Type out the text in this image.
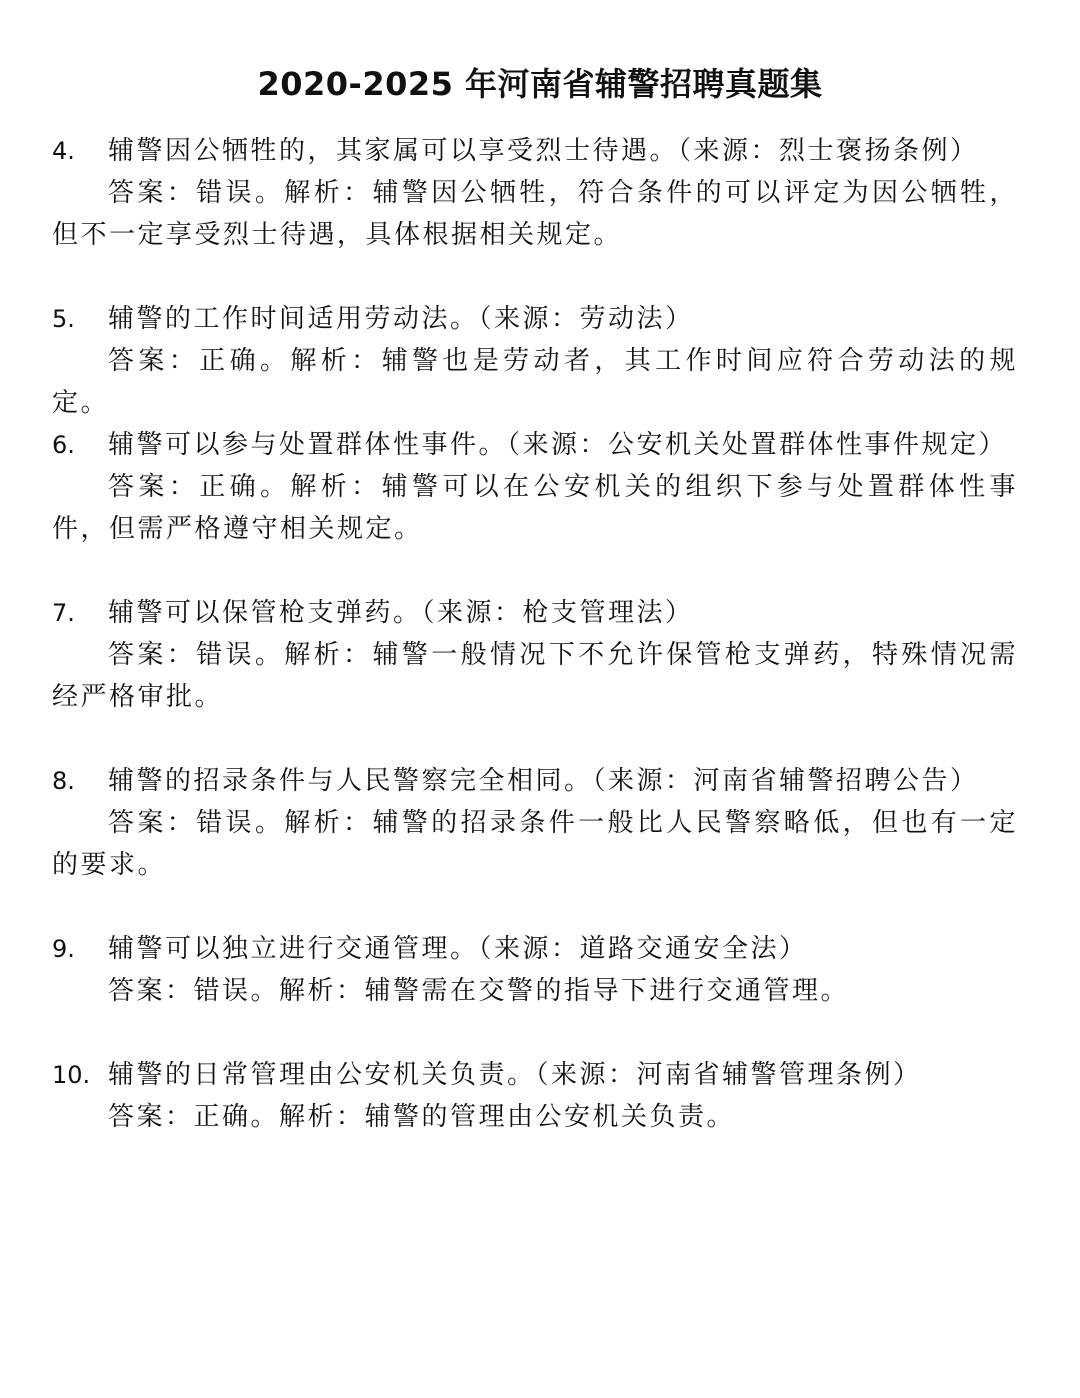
2020-2025 年河南省辅警招聘真题集
4.	辅警因公牺牲的，其家属可以享受烈士待遇。（来源：烈士褒扬条例）

答案：错误。解析：辅警因公牺牲，符合条件的可以评定为因公牺牲，但不一定享受烈士待遇，具体根据相关规定。

5.	辅警的工作时间适用劳动法。（来源：劳动法）

答案：正确。解析：辅警也是劳动者，其工作时间应符合劳动法的规定。

6.	辅警可以参与处置群体性事件。（来源：公安机关处置群体性事件规定）

答案：正确。解析：辅警可以在公安机关的组织下参与处置群体性事件，但需严格遵守相关规定。

7.	辅警可以保管枪支弹药。（来源：枪支管理法）

答案：错误。解析：辅警一般情况下不允许保管枪支弹药，特殊情况需经严格审批。

8.	辅警的招录条件与人民警察完全相同。（来源：河南省辅警招聘公告）

答案：错误。解析：辅警的招录条件一般比人民警察略低，但也有一定的要求。

9.	辅警可以独立进行交通管理。（来源：道路交通安全法）

答案：错误。解析：辅警需在交警的指导下进行交通管理。

10. 辅警的日常管理由公安机关负责。（来源：河南省辅警管理条例）

答案：正确。解析：辅警的管理由公安机关负责。
